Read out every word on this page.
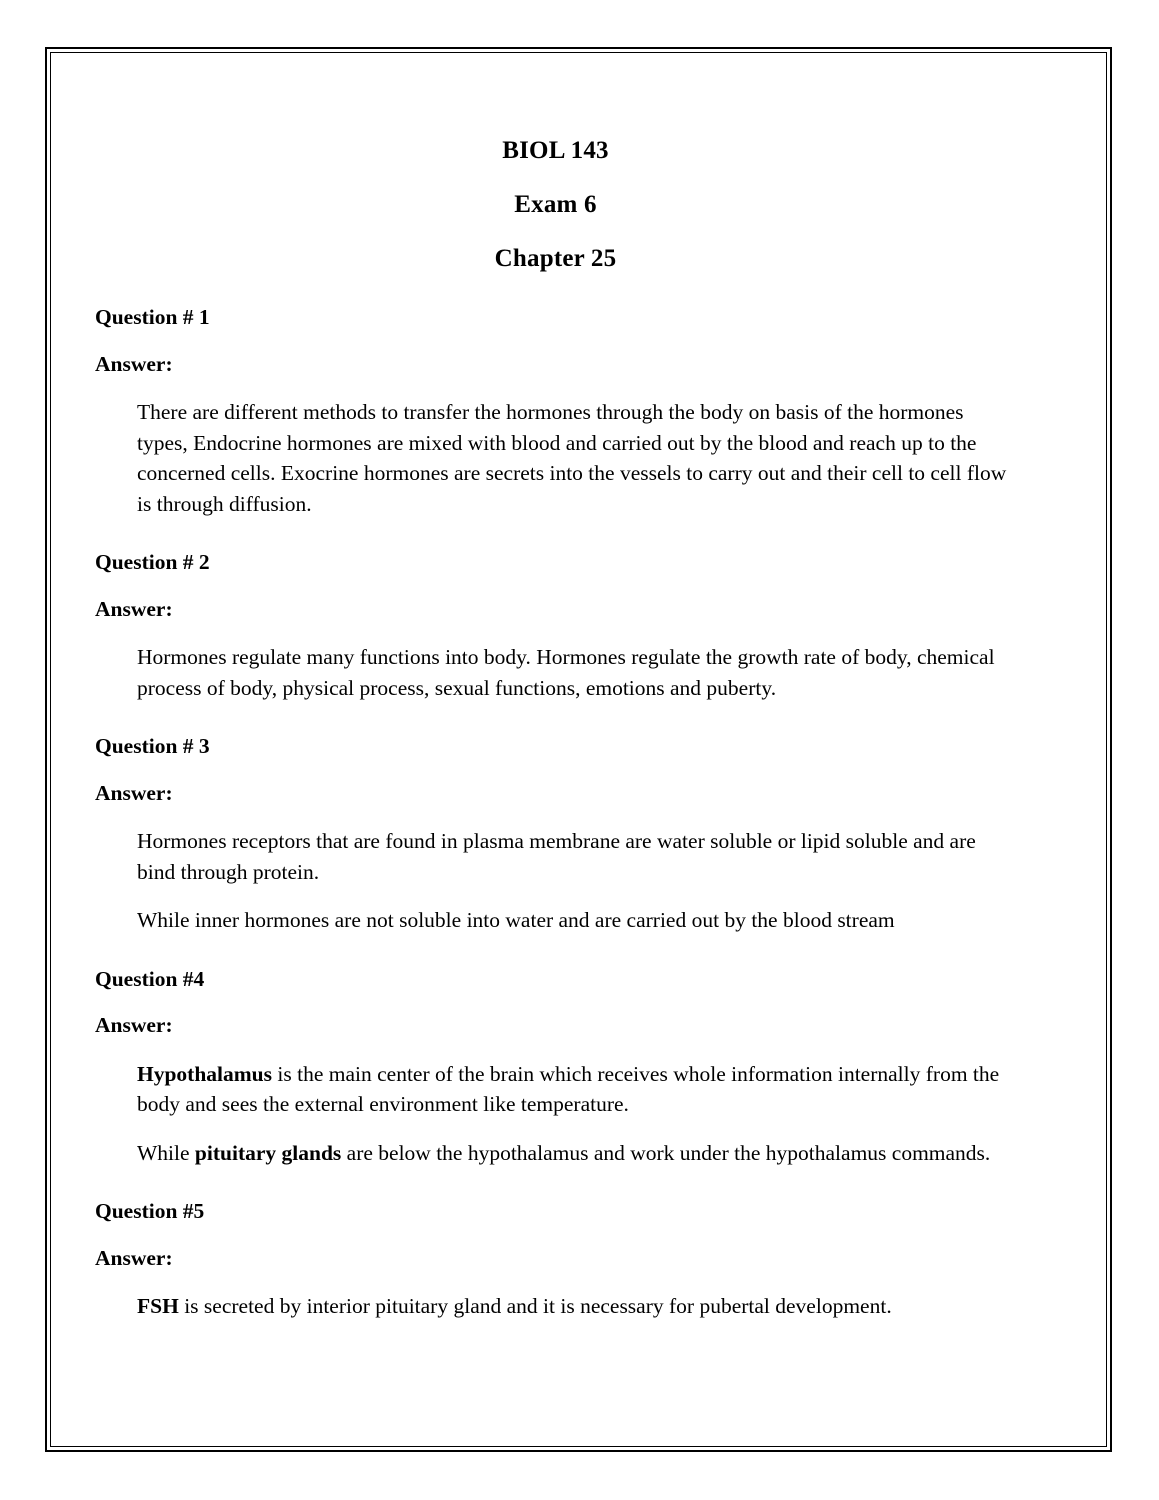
BIOL 143
Exam 6
Chapter 25
Question # 1
Answer:

There are different methods to transfer the hormones through the body on basis of the hormones types, Endocrine hormones are mixed with blood and carried out by the blood and reach up to the concerned cells. Exocrine hormones are secrets into the vessels to carry out and their cell to cell flow is through diffusion.

Question # 2
Answer:

Hormones regulate many functions into body. Hormones regulate the growth rate of body, chemical process of body, physical process, sexual functions, emotions and puberty.

Question # 3
Answer:

Hormones receptors that are found in plasma membrane are water soluble or lipid soluble and are bind through protein.

While inner hormones are not soluble into water and are carried out by the blood stream

Question #4
Answer:

Hypothalamus is the main center of the brain which receives whole information internally from the body and sees the external environment like temperature.

While pituitary glands are below the hypothalamus and work under the hypothalamus commands.

Question #5
Answer:

FSH is secreted by interior pituitary gland and it is necessary for pubertal development.
